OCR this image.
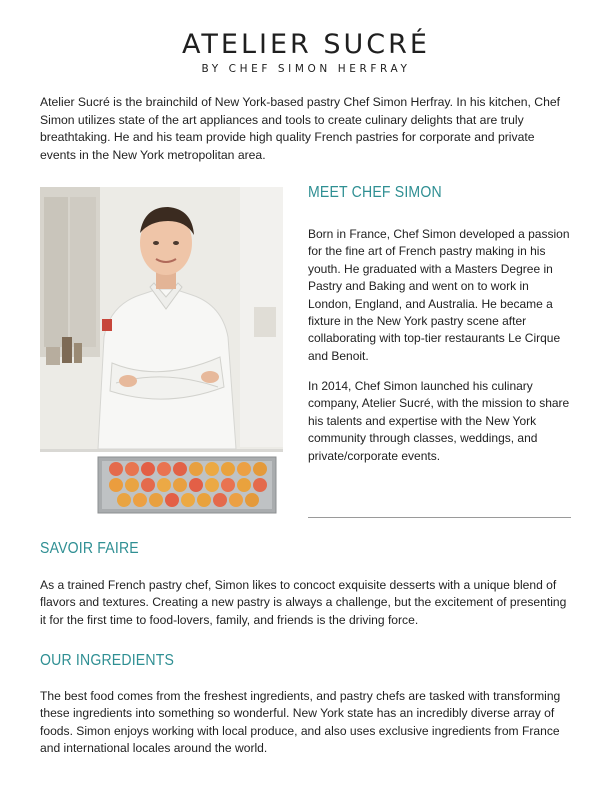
ATELIER SUCRÉ
BY CHEF SIMON HERFRAY

Atelier Sucré is the brainchild of New York-based pastry Chef Simon Herfray. In his kitchen, Chef Simon utilizes state of the art appliances and tools to create culinary delights that are truly breathtaking. He and his team provide high quality French pastries for corporate and private events in the New York metropolitan area.

MEET CHEF SIMON

Born in France, Chef Simon developed a passion for the fine art of French pastry making in his youth. He graduated with a Masters Degree in Pastry and Baking and went on to work in London, England, and Australia. He became a fixture in the New York pastry scene after collaborating with top-tier restaurants Le Cirque and Benoit.

In 2014, Chef Simon launched his culinary company, Atelier Sucré, with the mission to share his talents and expertise with the New York community through classes, weddings, and private/corporate events.

SAVOIR FAIRE

As a trained French pastry chef, Simon likes to concoct exquisite desserts with a unique blend of flavors and textures. Creating a new pastry is always a challenge, but the excitement of presenting it for the first time to food-lovers, family, and friends is the driving force.

OUR INGREDIENTS

The best food comes from the freshest ingredients, and pastry chefs are tasked with transforming these ingredients into something so wonderful. New York state has an incredibly diverse array of foods. Simon enjoys working with local produce, and also uses exclusive ingredients from France and international locales around the world.
